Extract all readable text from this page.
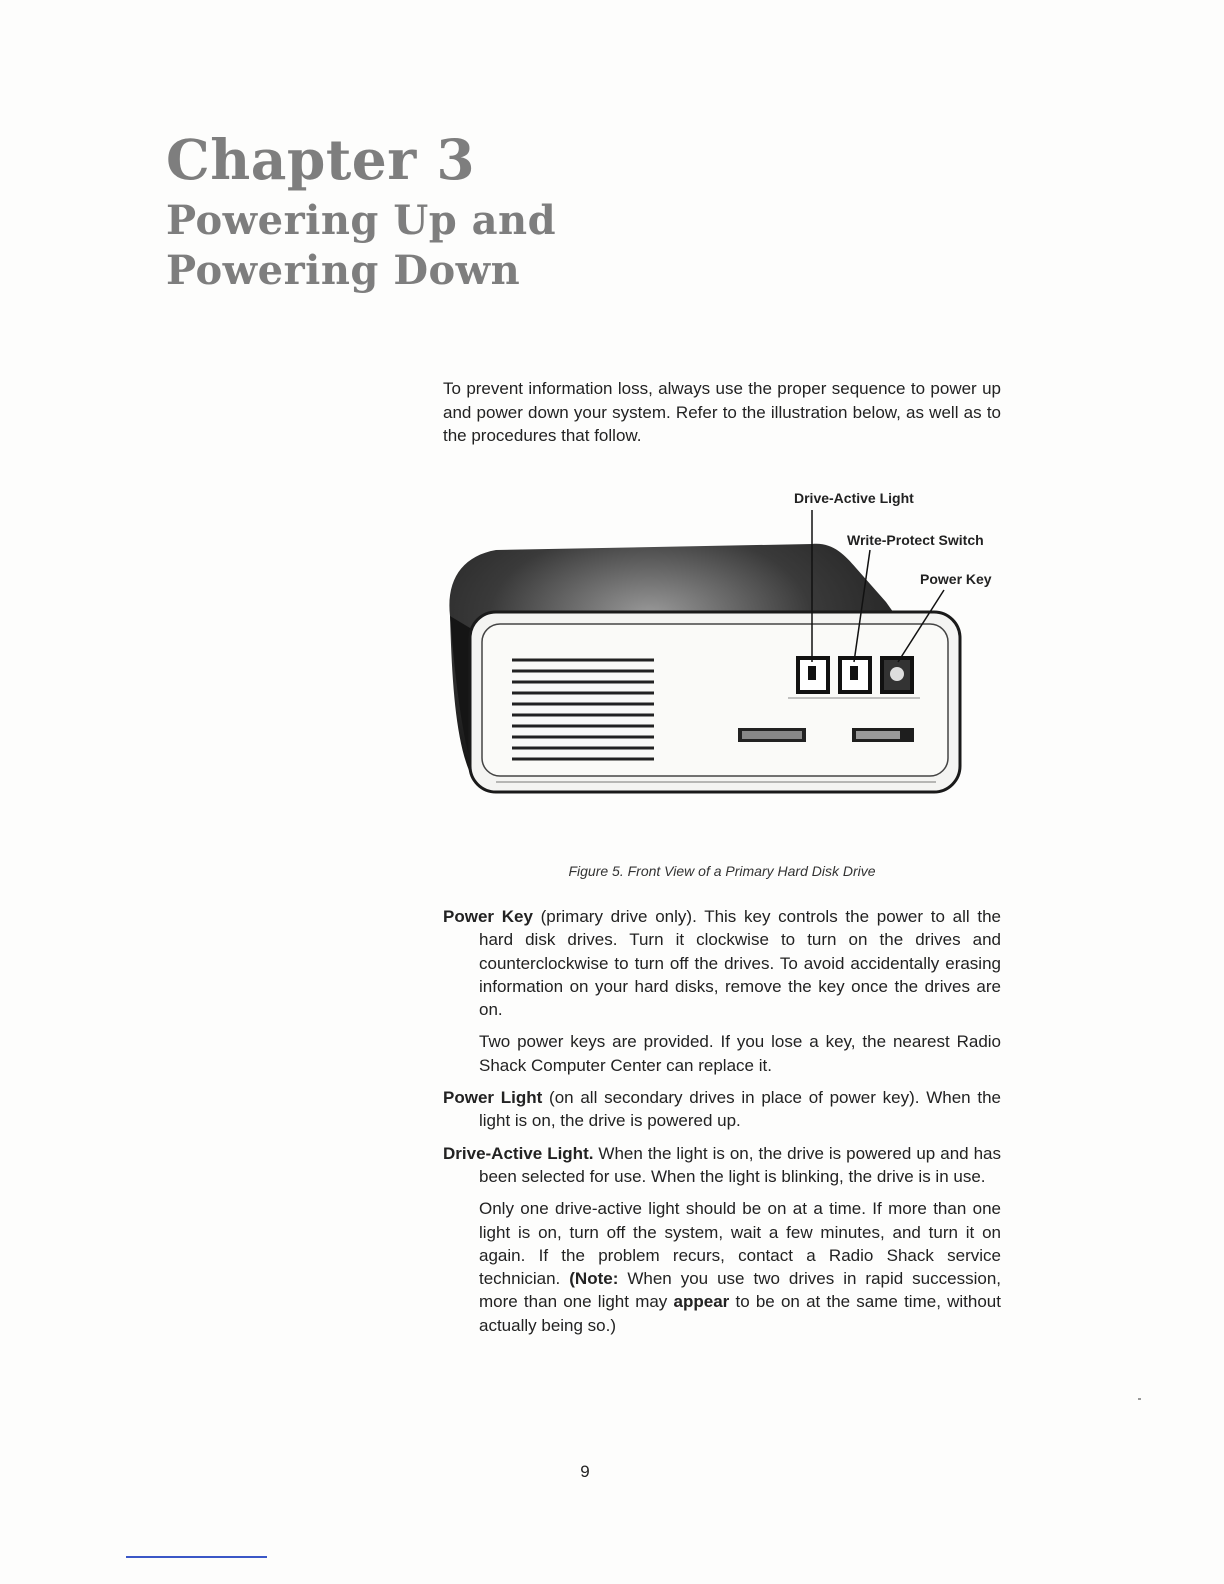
Chapter 3
Powering Up and Powering Down

To prevent information loss, always use the proper sequence to power up and power down your system. Refer to the illustration below, as well as to the procedures that follow.

Drive-Active Light
Write-Protect Switch
Power Key
Figure 5. Front View of a Primary Hard Disk Drive
Power Key (primary drive only). This key controls the power to all the hard disk drives. Turn it clockwise to turn on the drives and counterclockwise to turn off the drives. To avoid accidentally erasing information on your hard disks, remove the key once the drives are on.
Two power keys are provided. If you lose a key, the nearest Radio Shack Computer Center can replace it.
Power Light (on all secondary drives in place of power key). When the light is on, the drive is powered up.
Drive-Active Light. When the light is on, the drive is powered up and has been selected for use. When the light is blinking, the drive is in use.
Only one drive-active light should be on at a time. If more than one light is on, turn off the system, wait a few minutes, and turn it on again. If the problem recurs, contact a Radio Shack service technician. (Note: When you use two drives in rapid succession, more than one light may appear to be on at the same time, without actually being so.)
9
